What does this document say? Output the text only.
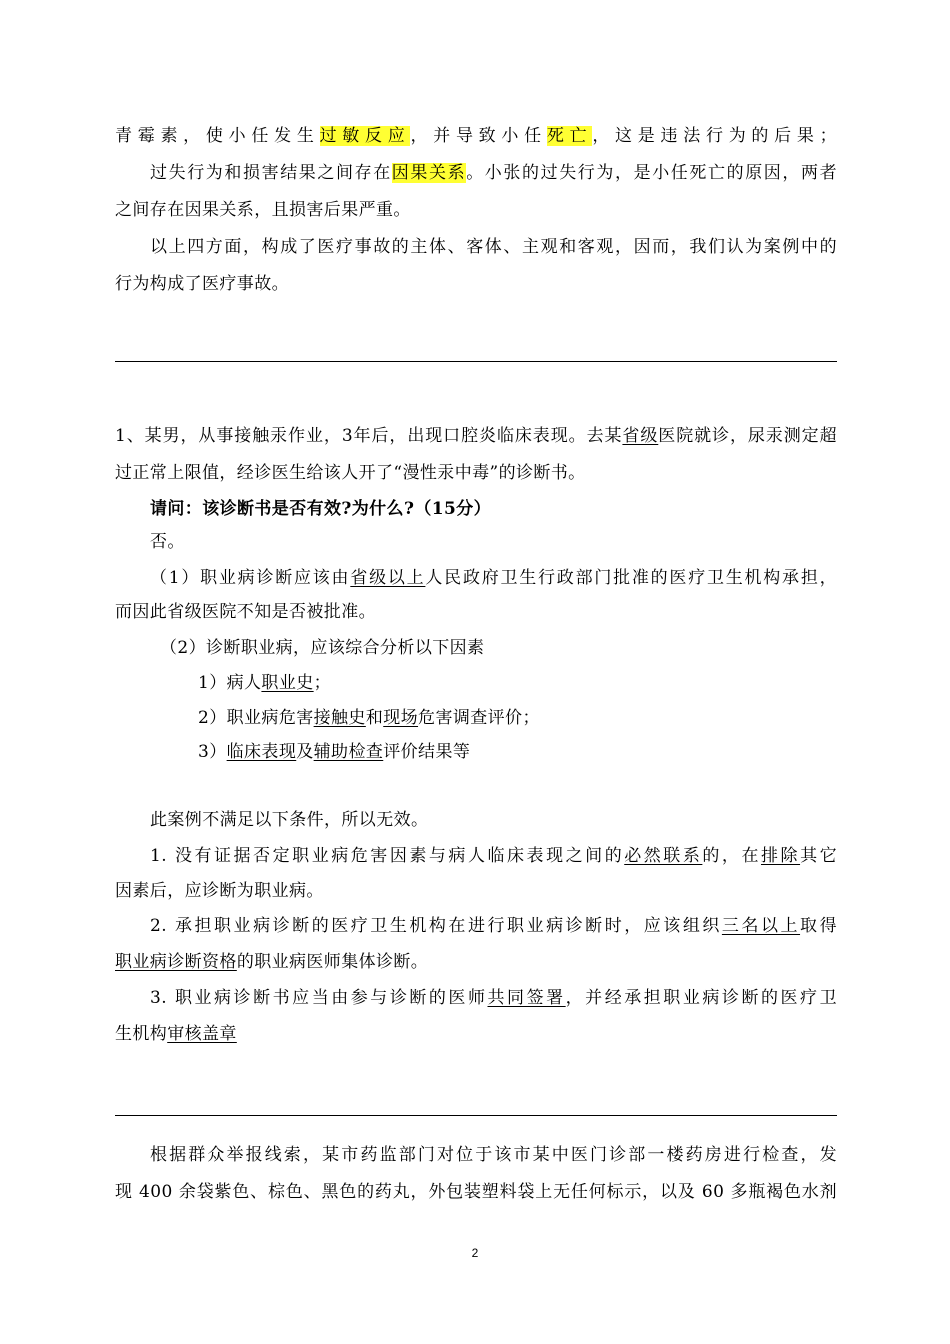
青霉素，使小任发生过敏反应，并导致小任死亡，这是违法行为的后果；
过失行为和损害结果之间存在因果关系。小张的过失行为，是小任死亡的原因，两者
之间存在因果关系，且损害后果严重。
以上四方面，构成了医疗事故的主体、客体、主观和客观，因而，我们认为案例中的
行为构成了医疗事故。
1、某男，从事接触汞作业，3年后，出现口腔炎临床表现。去某省级医院就诊，尿汞测定超
过正常上限值，经诊医生给该人开了“漫性汞中毒”的诊断书。
请问：该诊断书是否有效?为什么?（15分）
否。
（1）职业病诊断应该由省级以上人民政府卫生行政部门批准的医疗卫生机构承担，
而因此省级医院不知是否被批准。
（2）诊断职业病，应该综合分析以下因素
1）病人职业史；
2）职业病危害接触史和现场危害调查评价；
3）临床表现及辅助检查评价结果等
此案例不满足以下条件，所以无效。
1. 没有证据否定职业病危害因素与病人临床表现之间的必然联系的，在排除其它
因素后，应诊断为职业病。
2. 承担职业病诊断的医疗卫生机构在进行职业病诊断时，应该组织三名以上取得
职业病诊断资格的职业病医师集体诊断。
3. 职业病诊断书应当由参与诊断的医师共同签署，并经承担职业病诊断的医疗卫
生机构审核盖章
根据群众举报线索，某市药监部门对位于该市某中医门诊部一楼药房进行检查，发
现 400 余袋紫色、棕色、黑色的药丸，外包装塑料袋上无任何标示，以及 60 多瓶褐色水剂
2
